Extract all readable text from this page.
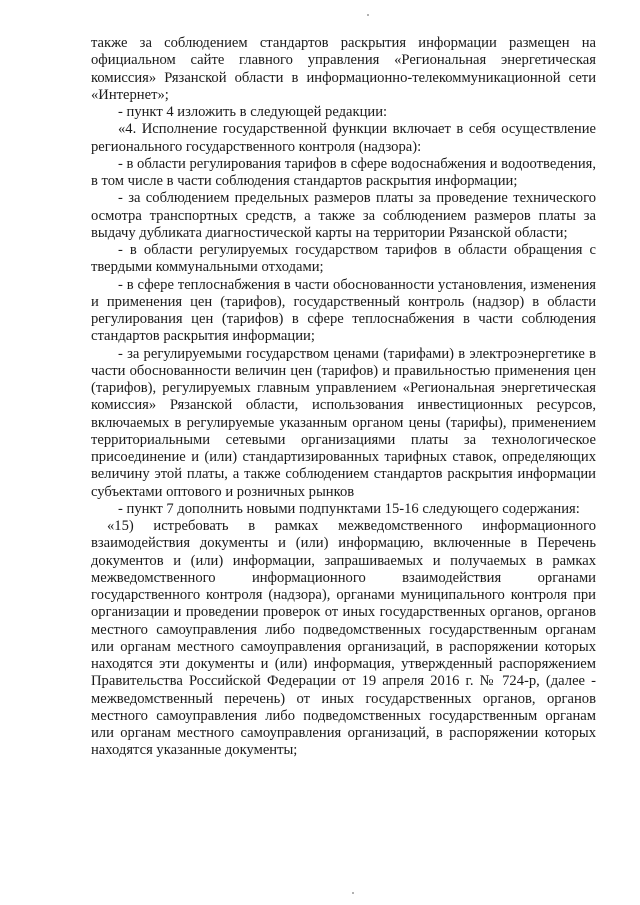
также за соблюдением стандартов раскрытия информации размещен на официальном сайте главного управления «Региональная энергетическая комиссия» Рязанской области в информационно-телекоммуникационной сети «Интернет»;

- пункт 4 изложить в следующей редакции:

«4. Исполнение государственной функции включает в себя осуществление регионального государственного контроля (надзора):

- в области регулирования тарифов в сфере водоснабжения и водоотведения, в том числе в части соблюдения стандартов раскрытия информации;

- за соблюдением предельных размеров платы за проведение технического осмотра транспортных средств, а также за соблюдением размеров платы за выдачу дубликата диагностической карты на территории Рязанской области;

- в области регулируемых государством тарифов в области обращения с твердыми коммунальными отходами;

- в сфере теплоснабжения в части обоснованности установления, изменения и применения цен (тарифов), государственный контроль (надзор) в области регулирования цен (тарифов) в сфере теплоснабжения в части соблюдения стандартов раскрытия информации;

- за регулируемыми государством ценами (тарифами) в электроэнергетике в части обоснованности величин цен (тарифов) и правильностью применения цен (тарифов), регулируемых главным управлением «Региональная энергетическая комиссия» Рязанской области, использования инвестиционных ресурсов, включаемых в регулируемые указанным органом цены (тарифы), применением территориальными сетевыми организациями платы за технологическое присоединение и (или) стандартизированных тарифных ставок, определяющих величину этой платы, а также соблюдением стандартов раскрытия информации субъектами оптового и розничных рынков

- пункт 7 дополнить новыми подпунктами 15-16 следующего содержания:

«15) истребовать в рамках межведомственного информационного взаимодействия документы и (или) информацию, включенные в Перечень документов и (или) информации, запрашиваемых и получаемых в рамках межведомственного информационного взаимодействия органами государственного контроля (надзора), органами муниципального контроля при организации и проведении проверок от иных государственных органов, органов местного самоуправления либо подведомственных государственным органам или органам местного самоуправления организаций, в распоряжении которых находятся эти документы и (или) информация, утвержденный распоряжением Правительства Российской Федерации от 19 апреля 2016 г. № 724-р, (далее - межведомственный перечень) от иных государственных органов, органов местного самоуправления либо подведомственных государственным органам или органам местного самоуправления организаций, в распоряжении которых находятся указанные документы;
